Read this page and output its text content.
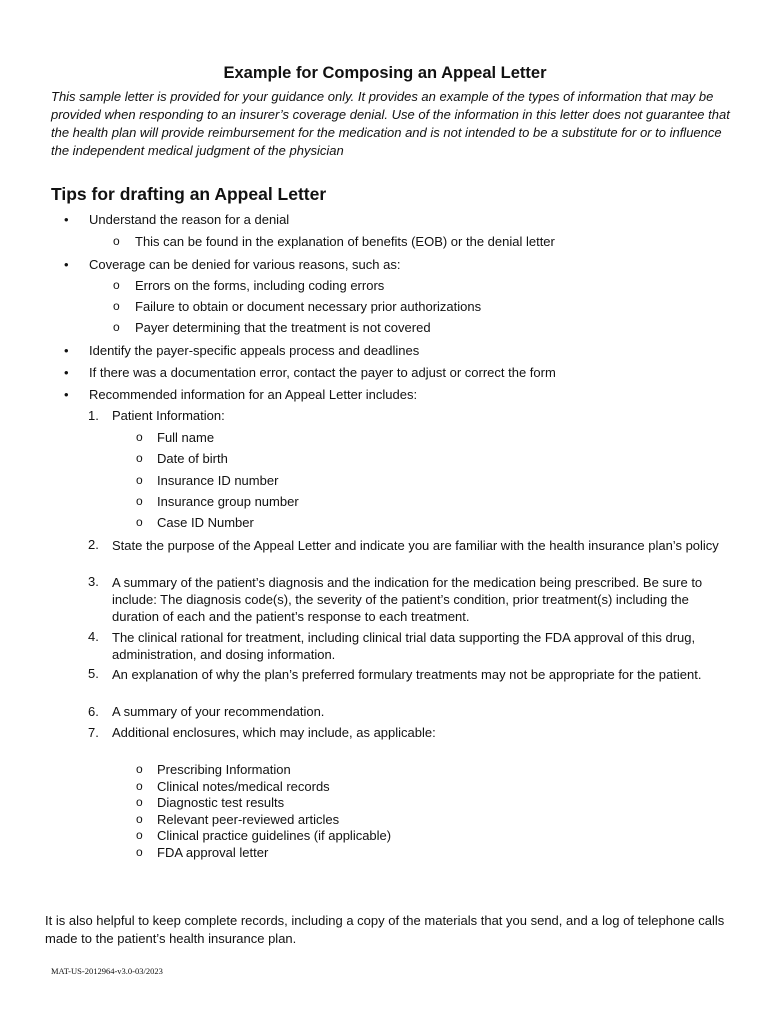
Example for Composing an Appeal Letter
This sample letter is provided for your guidance only. It provides an example of the types of information that may be provided when responding to an insurer’s coverage denial. Use of the information in this letter does not guarantee that the health plan will provide reimbursement for the medication and is not intended to be a substitute for or to influence the independent medical judgment of the physician
Tips for drafting an Appeal Letter
• Understand the reason for a denial
o This can be found in the explanation of benefits (EOB) or the denial letter
• Coverage can be denied for various reasons, such as:
o Errors on the forms, including coding errors
o Failure to obtain or document necessary prior authorizations
o Payer determining that the treatment is not covered
• Identify the payer-specific appeals process and deadlines
• If there was a documentation error, contact the payer to adjust or correct the form
• Recommended information for an Appeal Letter includes:
1. Patient Information:
o Full name
o Date of birth
o Insurance ID number
o Insurance group number
o Case ID Number
2. State the purpose of the Appeal Letter and indicate you are familiar with the health insurance plan’s policy
3. A summary of the patient’s diagnosis and the indication for the medication being prescribed. Be sure to include: The diagnosis code(s), the severity of the patient’s condition, prior treatment(s) including the duration of each and the patient’s response to each treatment.
4. The clinical rational for treatment, including clinical trial data supporting the FDA approval of this drug, administration, and dosing information.
5. An explanation of why the plan’s preferred formulary treatments may not be appropriate for the patient.
6. A summary of your recommendation.
7. Additional enclosures, which may include, as applicable:
o Prescribing Information
o Clinical notes/medical records
o Diagnostic test results
o Relevant peer-reviewed articles
o Clinical practice guidelines (if applicable)
o FDA approval letter
It is also helpful to keep complete records, including a copy of the materials that you send, and a log of telephone calls made to the patient’s health insurance plan.
MAT-US-2012964-v3.0-03/2023
